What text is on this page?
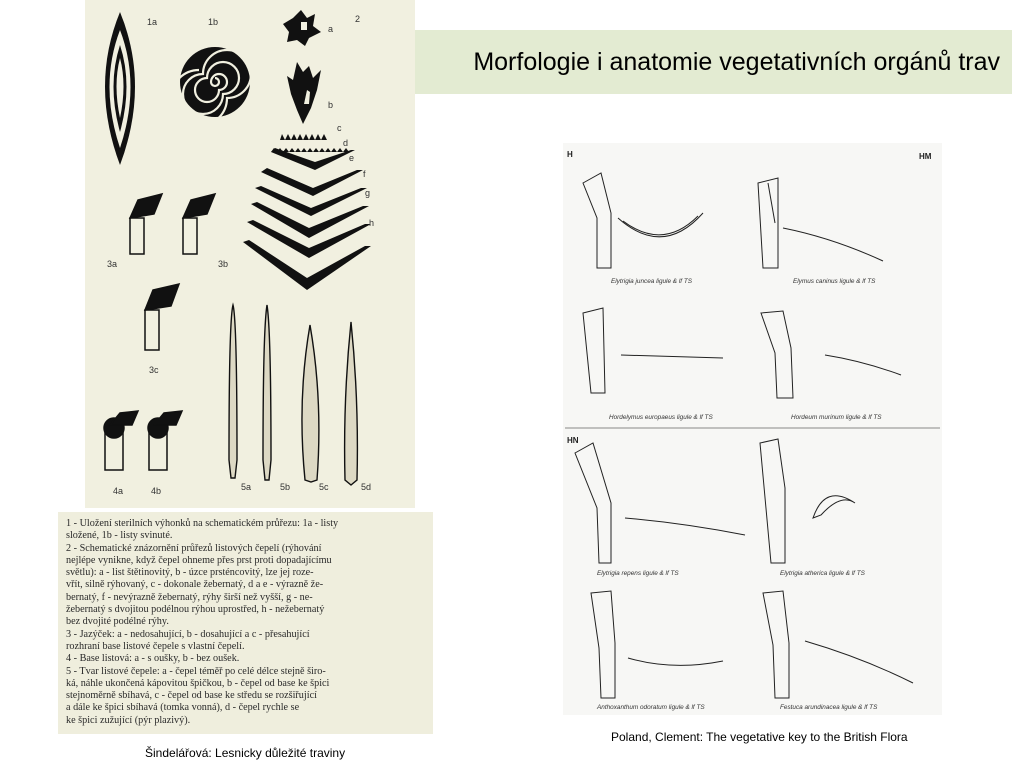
1a	1b	2
a
b
c
d
e
f
g
h
3a	3b
3c
4a	4b	5a	5b	5c	5d

1 - Uložení sterilních výhonků na schematickém průřezu: 1a - listy

složené, 1b - listy svinuté.

2 - Schematické znázornění průřezů listových čepelí (rýhování

nejlépe vynikne, když čepel ohneme přes prst proti dopadajícímu

světlu): a - list štětinovitý, b - úzce prsténcovitý, lze jej roze-

vřít, silně rýhovaný, c - dokonale žebernatý, d a e - výrazně že-

bernatý, f - nevýrazně žebernatý, rýhy širší než vyšší, g - ne-

žebernatý s dvojitou podélnou rýhou uprostřed, h - nežebernatý

bez dvojité podélné rýhy.

3 - Jazýček: a - nedosahující, b - dosahující a c - přesahující

rozhraní base listové čepele s vlastní čepelí.

4 - Base listová: a - s oušky, b - bez oušek.

5 - Tvar listové čepele: a - čepel téměř po celé délce stejně širo-

ká, náhle ukončená kápovitou špičkou, b - čepel od base ke špici

stejnoměrně sbíhavá, c - čepel od base ke středu se rozšiřující

a dále ke špici sbíhavá (tomka vonná), d - čepel rychle se

ke špici zužující (pýr plazivý).

Morfologie i anatomie vegetativních orgánů trav
H	HM
HN
Elytrigia juncea ligule & lf TS	Elymus caninus ligule & lf TS
Hordelymus europaeus ligule & lf TS	Hordeum murinum ligule & lf TS
Elytrigia repens ligule & lf TS	Elytrigia atherica ligule & lf TS
Anthoxanthum odoratum ligule & lf TS	Festuca arundinacea ligule & lf TS
Šindelářová: Lesnicky důležité traviny
Poland, Clement: The vegetative key to the British Flora
